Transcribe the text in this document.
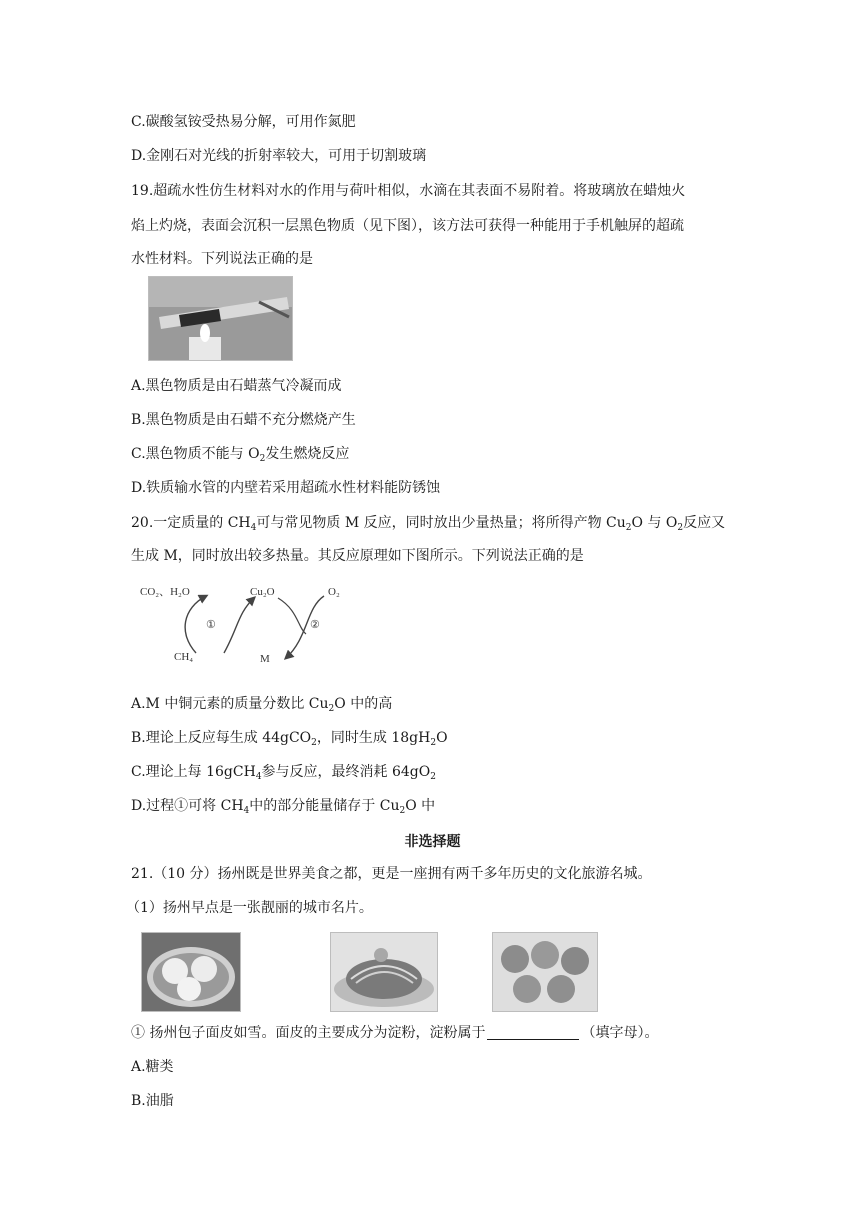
C.碳酸氢铵受热易分解，可用作氮肥
D.金刚石对光线的折射率较大，可用于切割玻璃
19.超疏水性仿生材料对水的作用与荷叶相似，水滴在其表面不易附着。将玻璃放在蜡烛火
焰上灼烧，表面会沉积一层黑色物质（见下图），该方法可获得一种能用于手机触屏的超疏
水性材料。下列说法正确的是
A.黑色物质是由石蜡蒸气冷凝而成
B.黑色物质是由石蜡不充分燃烧产生
C.黑色物质不能与 $O_2$发生燃烧反应
D.铁质输水管的内壁若采用超疏水性材料能防锈蚀
20.一定质量的 $CH_4$可与常见物质 M 反应，同时放出少量热量；将所得产物 $Cu_2O$ 与 $O_2$反应又
生成 M，同时放出较多热量。其反应原理如下图所示。下列说法正确的是
CO₂、H₂O	Cu₂O	O₂
CH₄	M
①	②
A.M 中铜元素的质量分数比 $Cu_2O$ 中的高
B.理论上反应每生成 44gCO$_2$，同时生成 $18gH_2O$
C.理论上每 16gCH$_4$参与反应，最终消耗 $64gO_2$
D.过程①可将 $CH_4$中的部分能量储存于 $Cu_2O$ 中
非选择题
21.（10 分）扬州既是世界美食之都，更是一座拥有两千多年历史的文化旅游名城。
（1）扬州早点是一张靓丽的城市名片。
① 扬州包子面皮如雪。面皮的主要成分为淀粉，淀粉属于	（填字母）。
A.糖类
B.油脂
